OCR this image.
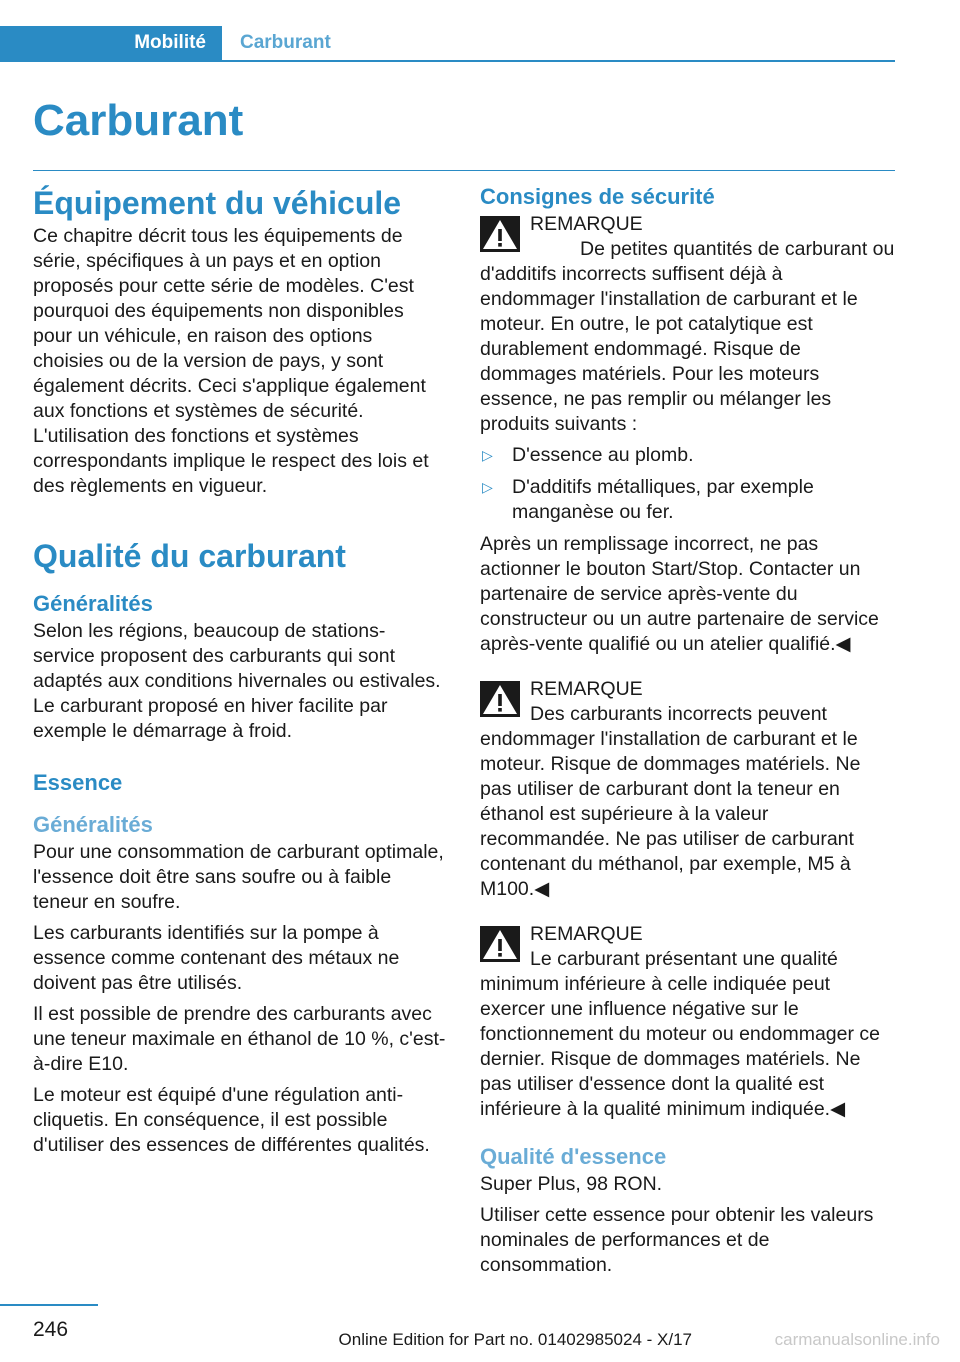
Mobilité	Carburant
Carburant
Équipement du véhicule

Ce chapitre décrit tous les équipements de série, spécifiques à un pays et en option proposés pour cette série de modèles. C'est pourquoi des équipements non disponibles pour un véhicule, en raison des options choisies ou de la version de pays, y sont également décrits. Ceci s'applique également aux fonctions et systèmes de sécurité. L'utilisation des fonctions et systèmes correspondants implique le respect des lois et des règlements en vigueur.

Qualité du carburant
Généralités

Selon les régions, beaucoup de stations-service proposent des carburants qui sont adaptés aux conditions hivernales ou estivales. Le carburant proposé en hiver facilite par exemple le démarrage à froid.

Essence
Généralités

Pour une consommation de carburant optimale, l'essence doit être sans soufre ou à faible teneur en soufre.

Les carburants identifiés sur la pompe à essence comme contenant des métaux ne doivent pas être utilisés.

Il est possible de prendre des carburants avec une teneur maximale en éthanol de 10 %, c'est-à-dire E10.

Le moteur est équipé d'une régulation anti-cliquetis. En conséquence, il est possible d'utiliser des essences de différentes qualités.

Consignes de sécurité

REMARQUE

De petites quantités de carburant ou d'additifs incorrects suffisent déjà à endommager l'installation de carburant et le moteur. En outre, le pot catalytique est durablement endommagé. Risque de dommages matériels. Pour les moteurs essence, ne pas remplir ou mélanger les produits suivants :

▷ D'essence au plomb.
▷ D'additifs métalliques, par exemple manganèse ou fer.

Après un remplissage incorrect, ne pas actionner le bouton Start/Stop. Contacter un partenaire de service après-vente du constructeur ou un autre partenaire de service après-vente qualifié ou un atelier qualifié.◀

REMARQUE

Des carburants incorrects peuvent endommager l'installation de carburant et le moteur. Risque de dommages matériels. Ne pas utiliser de carburant dont la teneur en éthanol est supérieure à la valeur recommandée. Ne pas utiliser de carburant contenant du méthanol, par exemple, M5 à M100.◀

REMARQUE

Le carburant présentant une qualité minimum inférieure à celle indiquée peut exercer une influence négative sur le fonctionnement du moteur ou endommager ce dernier. Risque de dommages matériels. Ne pas utiliser d'essence dont la qualité est inférieure à la qualité minimum indiquée.◀

Qualité d'essence

Super Plus, 98 RON.

Utiliser cette essence pour obtenir les valeurs nominales de performances et de consommation.

246	Online Edition for Part no. 01402985024 - X/17	carmanualsonline.info
